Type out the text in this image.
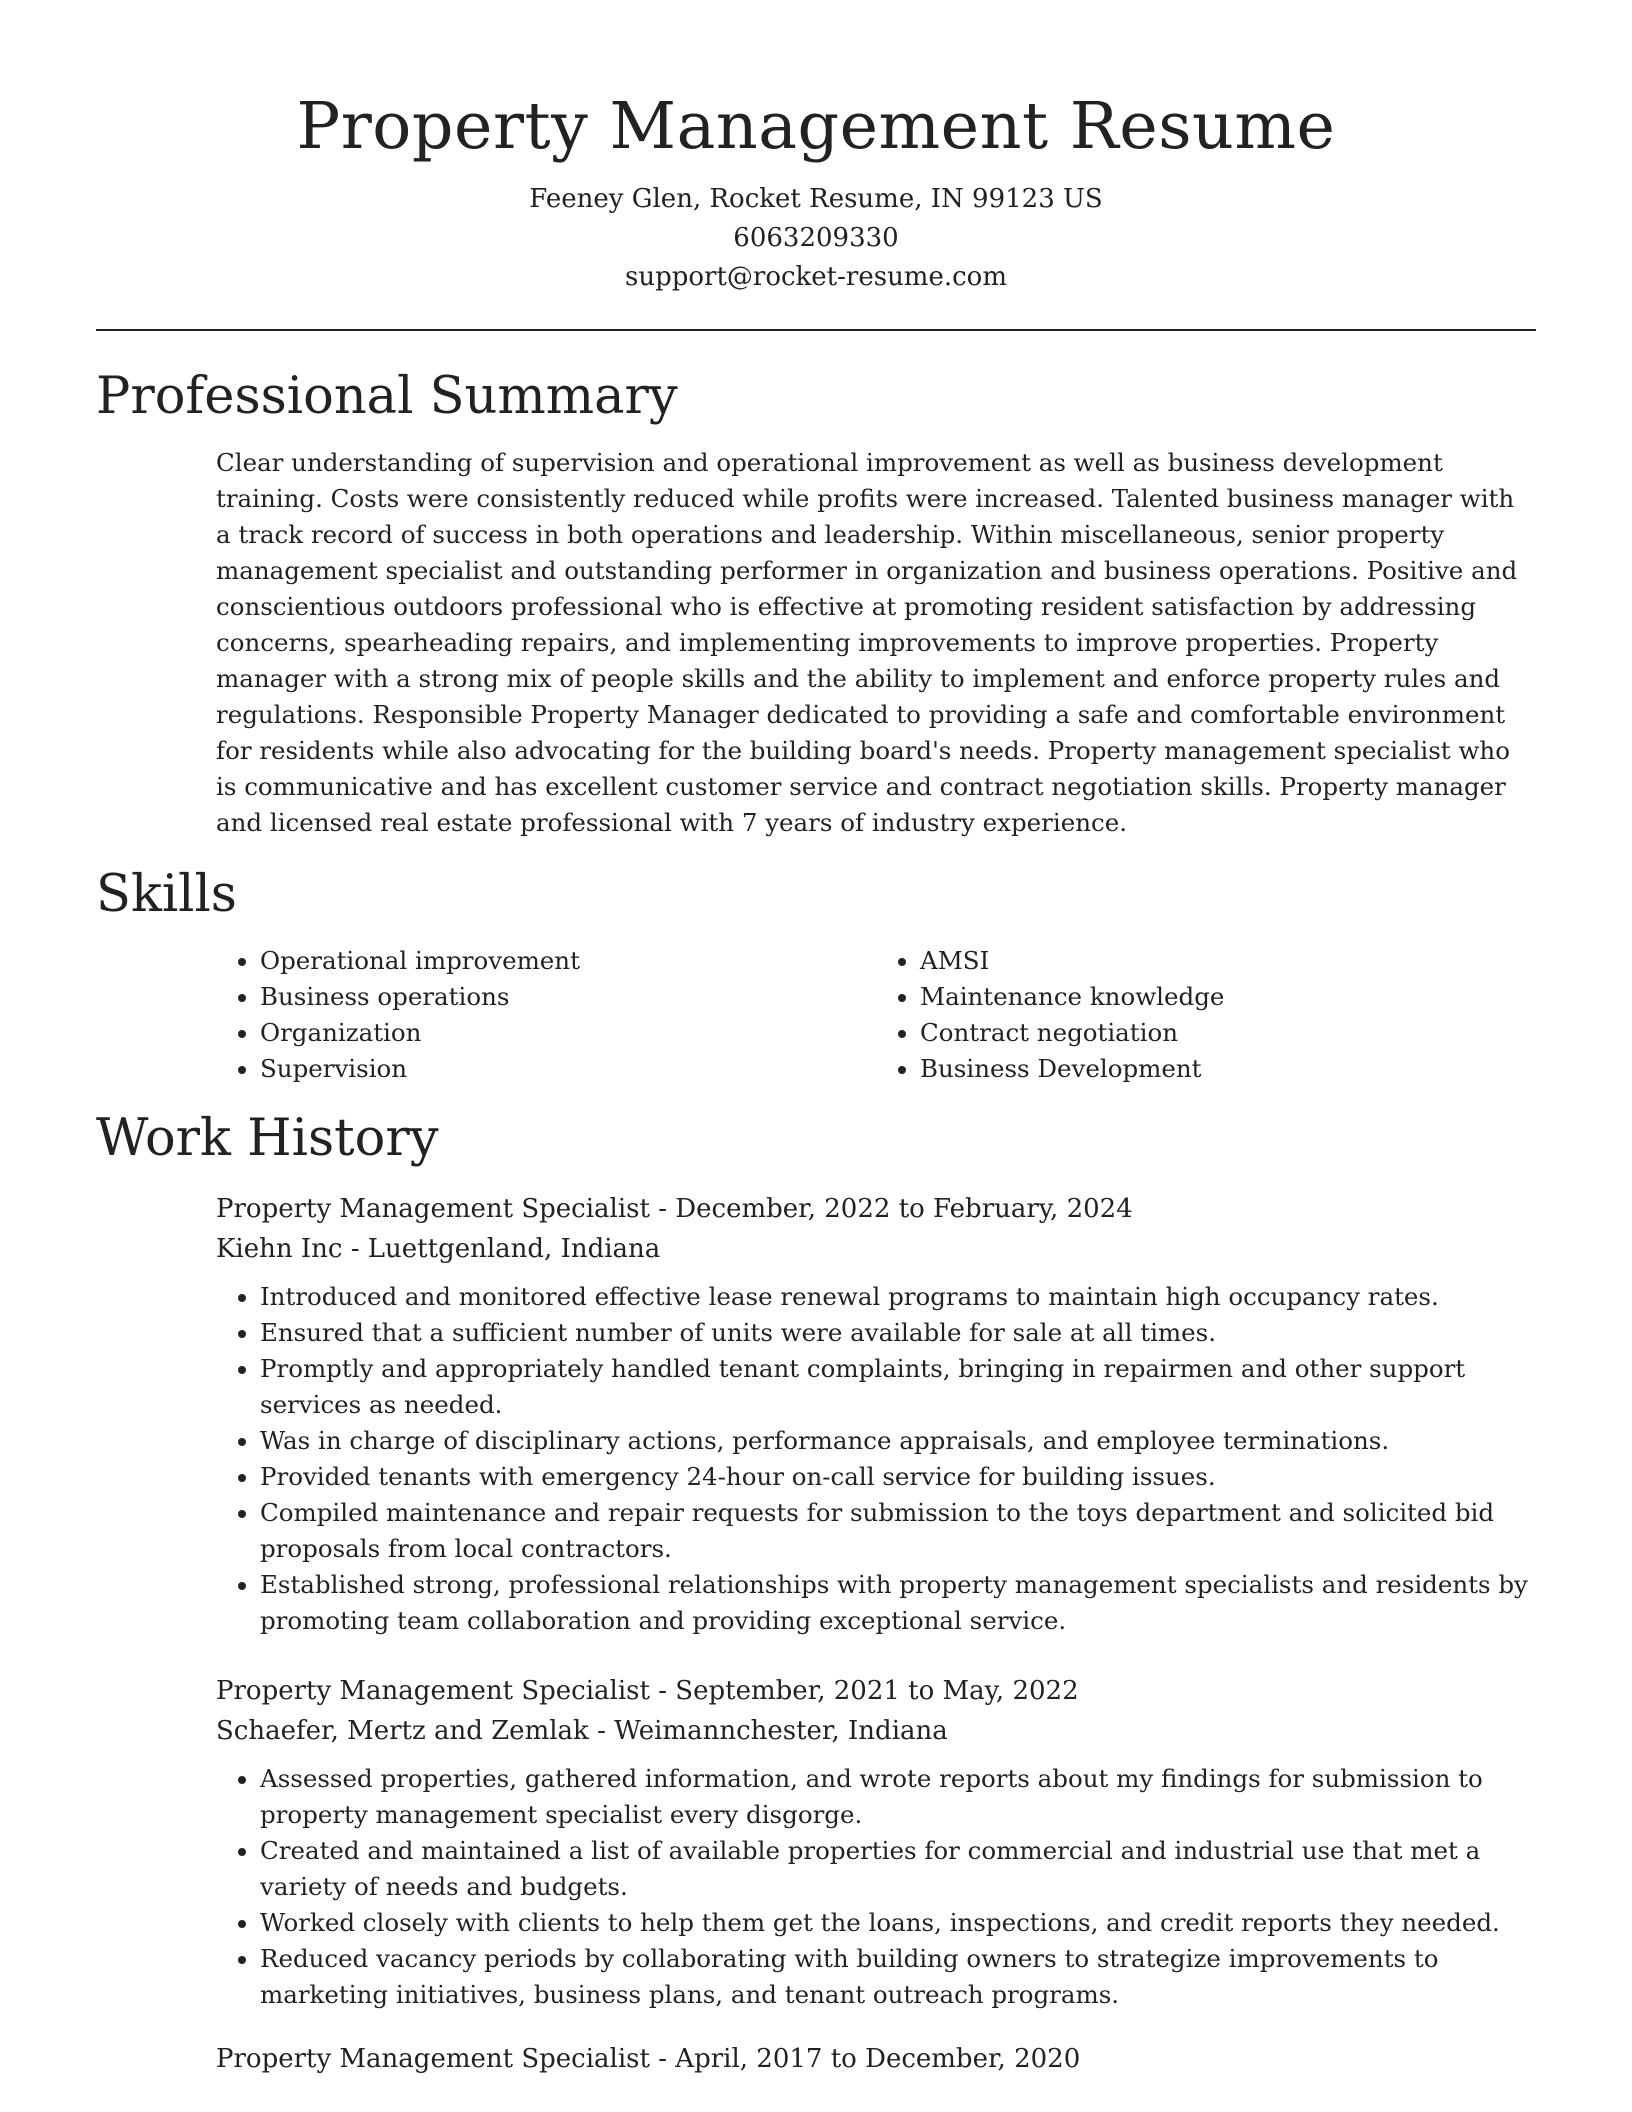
Property Management Resume
Feeney Glen, Rocket Resume, IN 99123 US
6063209330
support@rocket-resume.com
Professional Summary

Clear understanding of supervision and operational improvement as well as business development training. Costs were consistently reduced while profits were increased. Talented business manager with a track record of success in both operations and leadership. Within miscellaneous, senior property management specialist and outstanding performer in organization and business operations. Positive and conscientious outdoors professional who is effective at promoting resident satisfaction by addressing concerns, spearheading repairs, and implementing improvements to improve properties. Property manager with a strong mix of people skills and the ability to implement and enforce property rules and regulations. Responsible Property Manager dedicated to providing a safe and comfortable environment for residents while also advocating for the building board's needs. Property management specialist who is communicative and has excellent customer service and contract negotiation skills. Property manager and licensed real estate professional with 7 years of industry experience.

Skills
• Operational improvement
• Business operations
• Organization
• Supervision
• AMSI
• Maintenance knowledge
• Contract negotiation
• Business Development
Work History
Property Management Specialist - December, 2022 to February, 2024
Kiehn Inc - Luettgenland, Indiana
• Introduced and monitored effective lease renewal programs to maintain high occupancy rates.
• Ensured that a sufficient number of units were available for sale at all times.
• Promptly and appropriately handled tenant complaints, bringing in repairmen and other support services as needed.
• Was in charge of disciplinary actions, performance appraisals, and employee terminations.
• Provided tenants with emergency 24-hour on-call service for building issues.
• Compiled maintenance and repair requests for submission to the toys department and solicited bid proposals from local contractors.
• Established strong, professional relationships with property management specialists and residents by promoting team collaboration and providing exceptional service.
Property Management Specialist - September, 2021 to May, 2022
Schaefer, Mertz and Zemlak - Weimannchester, Indiana
• Assessed properties, gathered information, and wrote reports about my findings for submission to property management specialist every disgorge.
• Created and maintained a list of available properties for commercial and industrial use that met a variety of needs and budgets.
• Worked closely with clients to help them get the loans, inspections, and credit reports they needed.
• Reduced vacancy periods by collaborating with building owners to strategize improvements to marketing initiatives, business plans, and tenant outreach programs.
Property Management Specialist - April, 2017 to December, 2020
